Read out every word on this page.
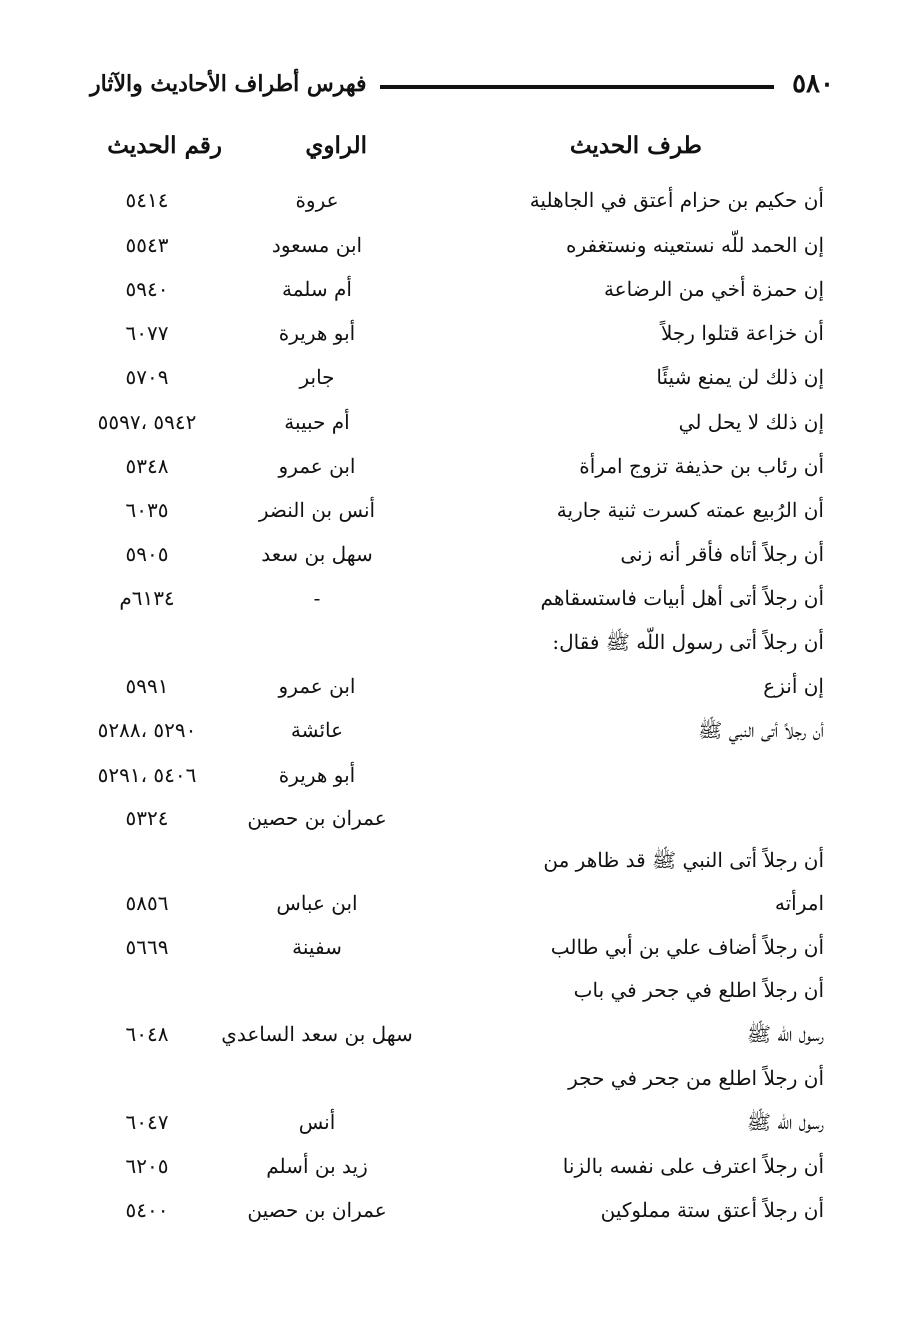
٥٨٠
فهرس أطراف الأحاديث والآثار
طرف الحديث
الراوي
رقم الحديث
أن حكيم بن حزام أعتق في الجاهلية
عروة
٥٤١٤
إن الحمد للّه نستعينه ونستغفره
ابن مسعود
٥٥٤٣
إن حمزة أخي من الرضاعة
أم سلمة
٥٩٤٠
أن خزاعة قتلوا رجلاً
أبو هريرة
٦٠٧٧
إن ذلك لن يمنع شيئًا
جابر
٥٧٠٩
إن ذلك لا يحل لي
أم حبيبة
٥٩٤٢ ،٥٥٩٧
أن رئاب بن حذيفة تزوج امرأة
ابن عمرو
٥٣٤٨
أن الرُبيع عمته كسرت ثنية جارية
أنس بن النضر
٦٠٣٥
أن رجلاً أتاه فأقر أنه زنى
سهل بن سعد
٥٩٠٥
أن رجلاً أتى أهل أبيات فاستسقاهم
-
٦١٣٤م
أن رجلاً أتى رسول اللّه ﷺ فقال:
إن أنزع
ابن عمرو
٥٩٩١
أن رجلاً أتى النبي ﷺ
عائشة
٥٢٩٠ ،٥٢٨٨
أبو هريرة
٥٤٠٦ ،٥٢٩١
عمران بن حصين
٥٣٢٤
أن رجلاً أتى النبي ﷺ قد ظاهر من
امرأته
ابن عباس
٥٨٥٦
أن رجلاً أضاف علي بن أبي طالب
سفينة
٥٦٦٩
أن رجلاً اطلع في جحر في باب
رسول اللّه ﷺ
سهل بن سعد الساعدي
٦٠٤٨
أن رجلاً اطلع من جحر في حجر
رسول اللّه ﷺ
أنس
٦٠٤٧
أن رجلاً اعترف على نفسه بالزنا
زيد بن أسلم
٦٢٠٥
أن رجلاً أعتق ستة مملوكين
عمران بن حصين
٥٤٠٠
